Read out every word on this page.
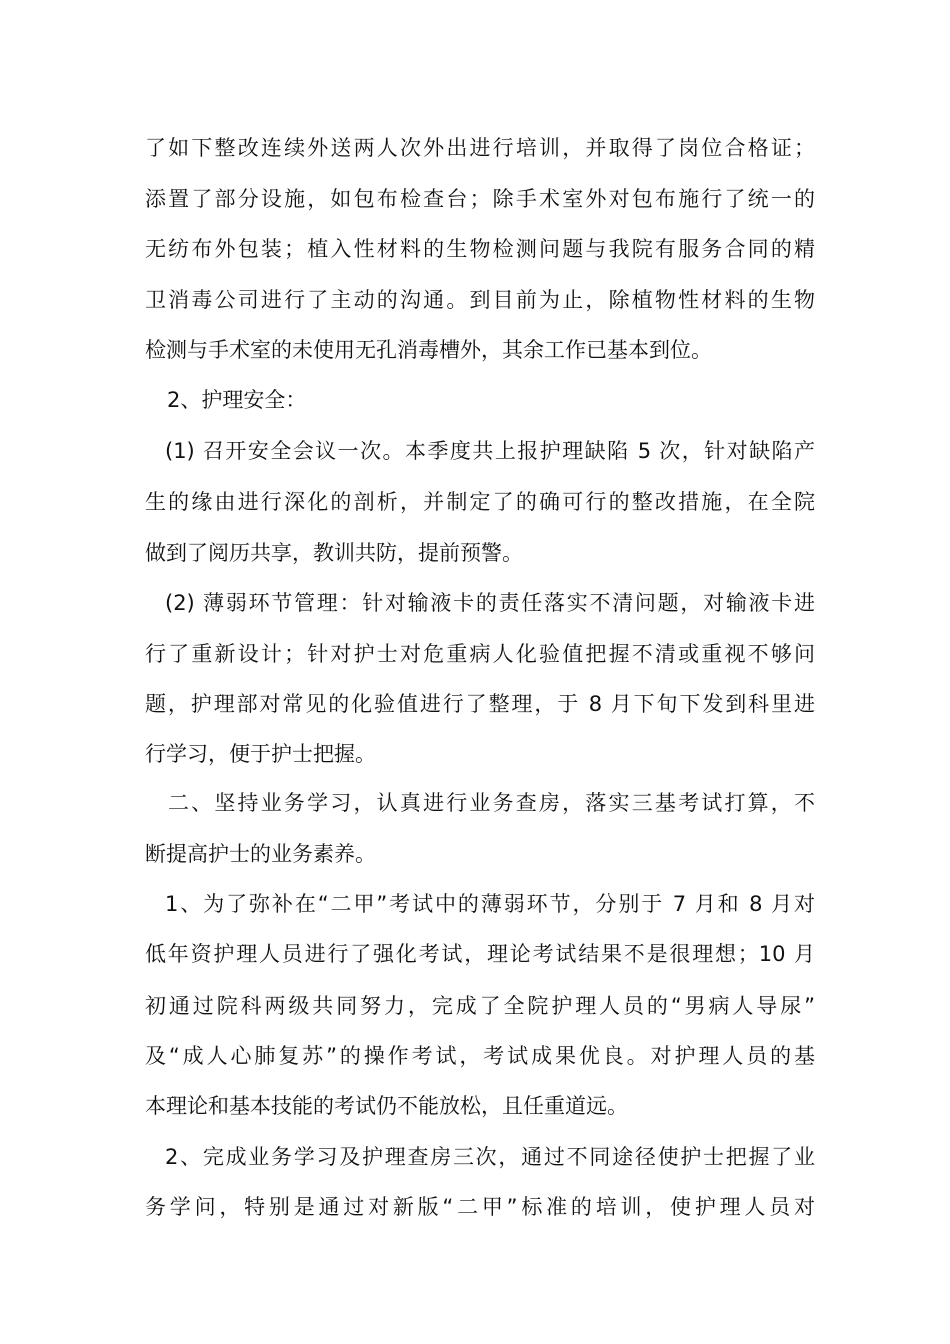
了如下整改连续外送两人次外出进行培训，并取得了岗位合格证；
添置了部分设施，如包布检查台；除手术室外对包布施行了统一的
无纺布外包装；植入性材料的生物检测问题与我院有服务合同的精
卫消毒公司进行了主动的沟通。到目前为止，除植物性材料的生物
检测与手术室的未使用无孔消毒槽外，其余工作已基本到位。
2、护理安全：
(1) 召开安全会议一次。本季度共上报护理缺陷 5 次，针对缺陷产
生的缘由进行深化的剖析，并制定了的确可行的整改措施，在全院
做到了阅历共享，教训共防，提前预警。
(2) 薄弱环节管理：针对输液卡的责任落实不清问题，对输液卡进
行了重新设计；针对护士对危重病人化验值把握不清或重视不够问
题，护理部对常见的化验值进行了整理，于 8 月下旬下发到科里进
行学习，便于护士把握。
二、坚持业务学习，认真进行业务查房，落实三基考试打算，不
断提高护士的业务素养。
1、为了弥补在“二甲”考试中的薄弱环节，分别于 7 月和 8 月对
低年资护理人员进行了强化考试，理论考试结果不是很理想；10 月
初通过院科两级共同努力，完成了全院护理人员的“男病人导尿”
及“成人心肺复苏”的操作考试，考试成果优良。对护理人员的基
本理论和基本技能的考试仍不能放松，且任重道远。
2、完成业务学习及护理查房三次，通过不同途径使护士把握了业
务学问，特别是通过对新版“二甲”标准的培训，使护理人员对
